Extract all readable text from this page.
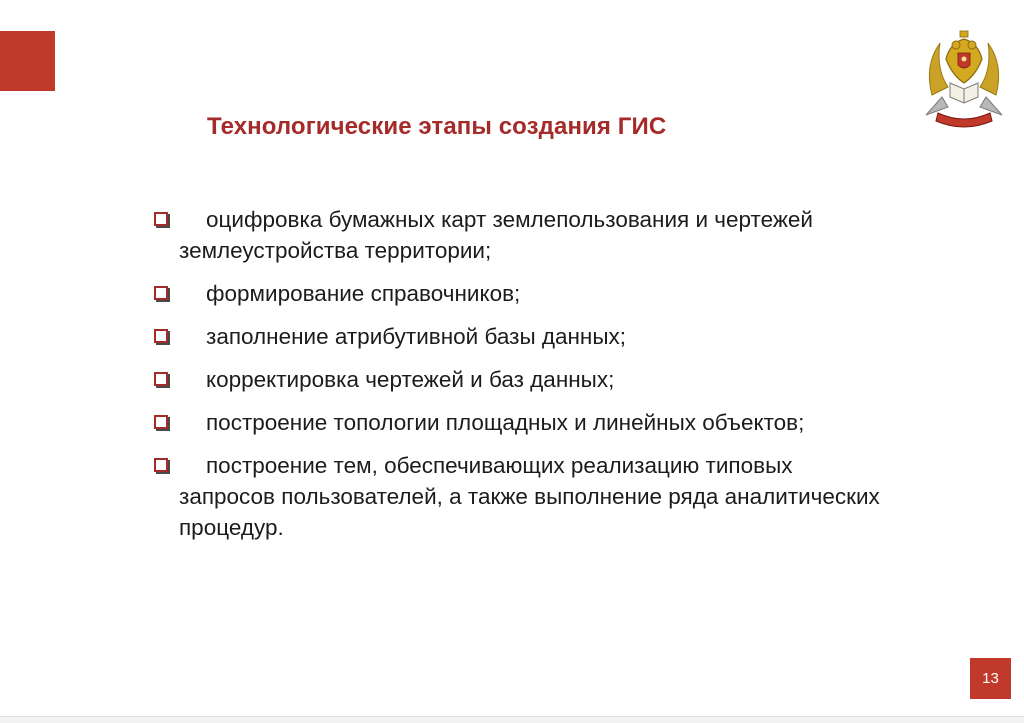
Технологические этапы создания ГИС
оцифровка бумажных карт землепользования и чертежей землеустройства территории;
формирование справочников;
заполнение атрибутивной базы данных;
корректировка чертежей и баз данных;
построение топологии площадных и линейных объектов;
построение тем, обеспечивающих реализацию типовых запросов пользователей, а также выполнение ряда аналитических процедур.
13
